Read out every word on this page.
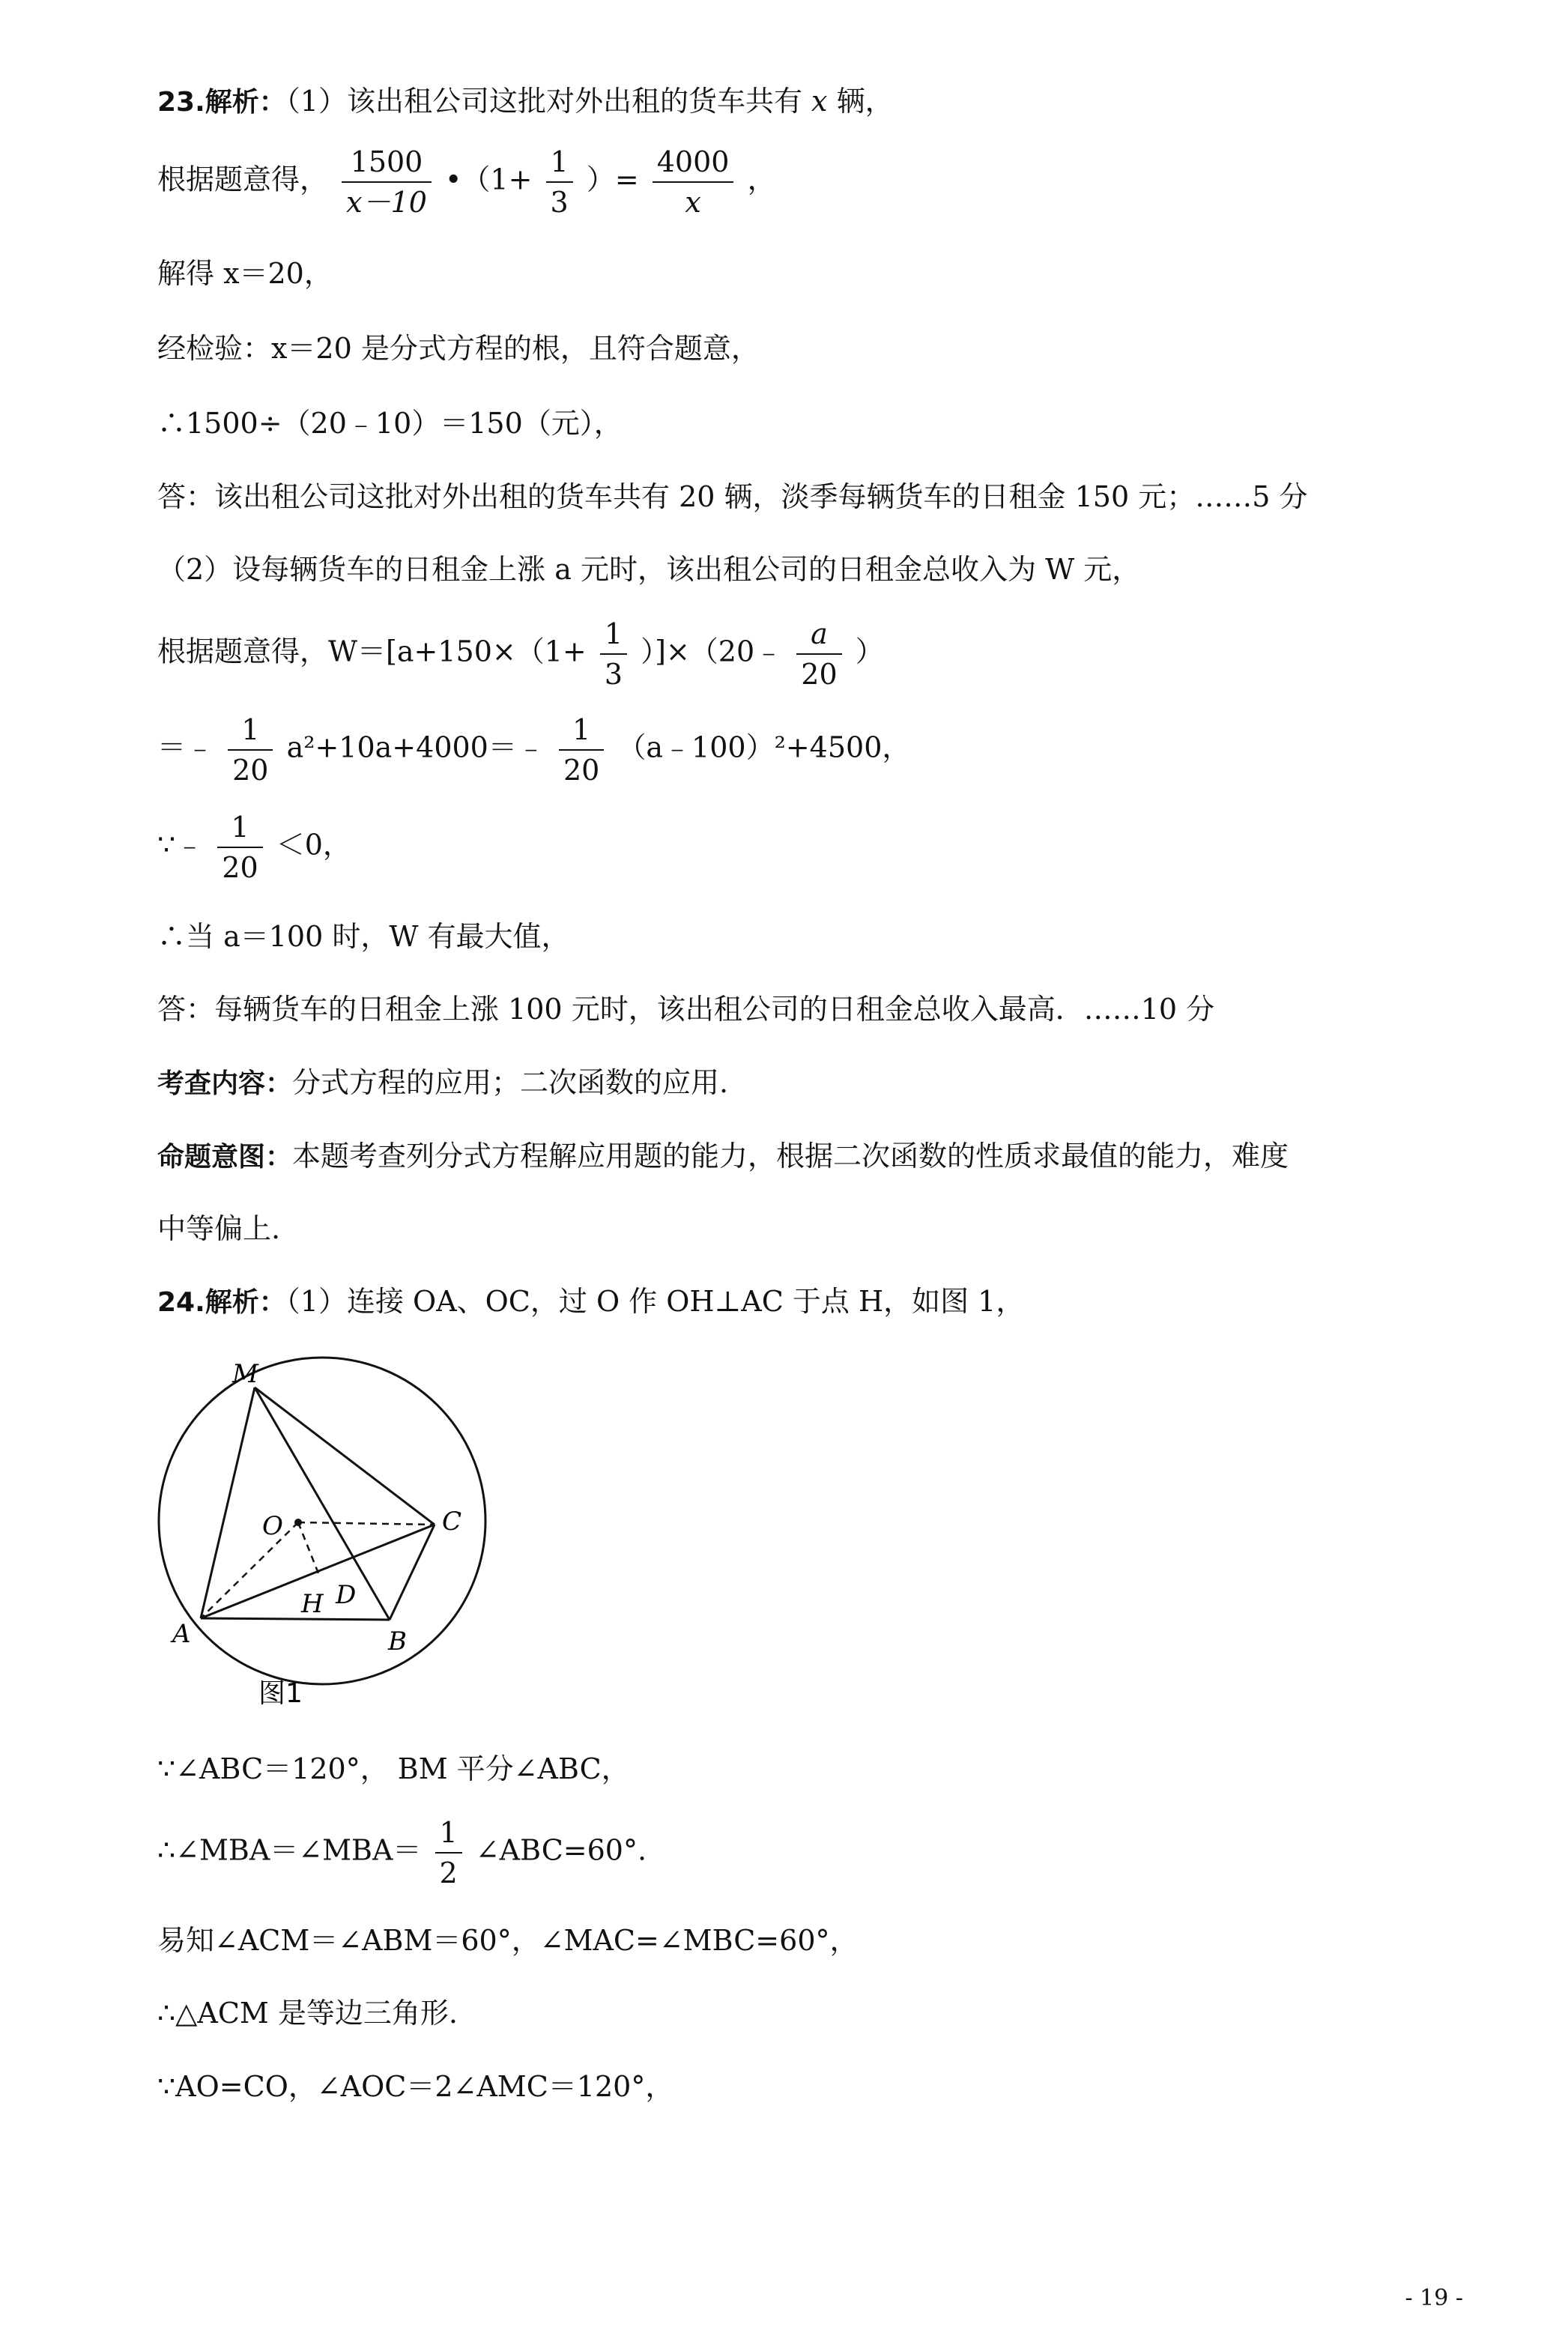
23.解析：（1）该出租公司这批对外出租的货车共有 x 辆，
根据题意得， $\frac{1500}{x-10}$ •（1+ $\frac{1}{3}$ ）= $\frac{4000}{x}$ ，
解得 x＝20，
经检验：x＝20 是分式方程的根，且符合题意，
∴1500÷（20﹣10）＝150（元），
答：该出租公司这批对外出租的货车共有 20 辆，淡季每辆货车的日租金 150 元；……5 分
（2）设每辆货车的日租金上涨 a 元时，该出租公司的日租金总收入为 W 元，
根据题意得，$W=[a+150\times(1+ \frac{1}{3}$ ）]×（20﹣ $\frac{a}{20}$ ）
＝﹣ $\frac{1}{20}$ a²+10a+4000＝﹣ $\frac{1}{20}$ （a﹣100）²+4500，
∵﹣ $\frac{1}{20} <0$，
∴当 a＝100 时，W 有最大值，
答：每辆货车的日租金上涨 100 元时，该出租公司的日租金总收入最高．……10 分
考查内容：分式方程的应用；二次函数的应用.
命题意图：本题考查列分式方程解应用题的能力，根据二次函数的性质求最值的能力，难度
中等偏上.
24.解析：（1）连接 OA、OC，过 O 作 OH⊥AC 于点 H，如图 1，
M
O	C
D
H
A	B
图1
∵∠ABC＝120°， BM 平分∠ABC，
∴∠MBA＝∠MBA＝ $\frac{1}{2}$ ∠ABC=60°.
易知∠ACM＝∠ABM＝60°，∠MAC=∠MBC=60°，
∴△ACM 是等边三角形.
∵AO=CO，∠AOC＝2∠AMC＝120°，
- 19 -
